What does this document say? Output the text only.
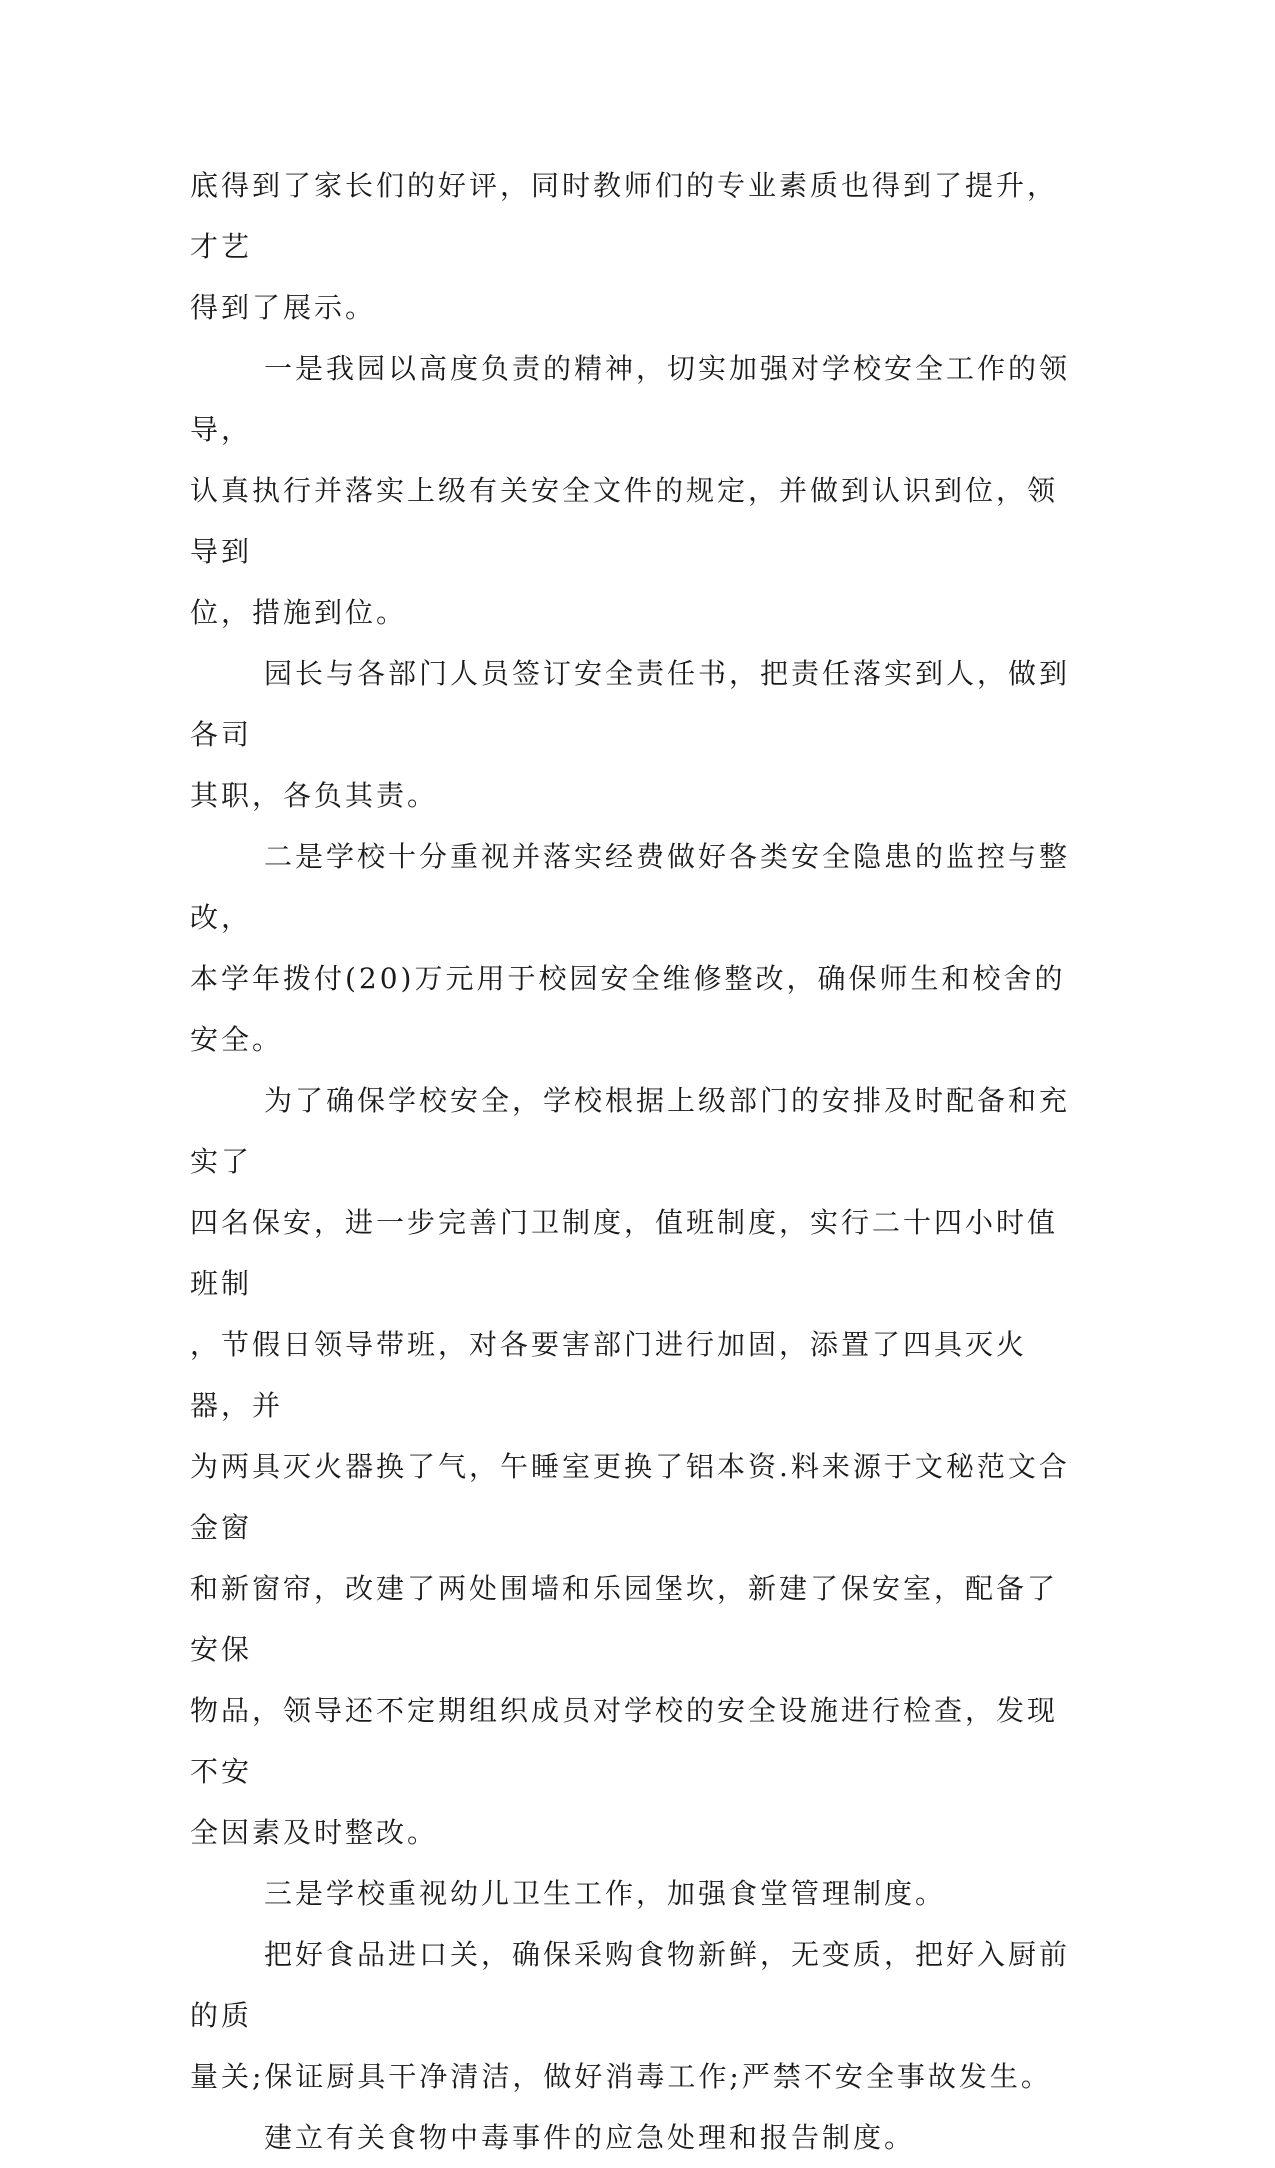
底得到了家长们的好评，同时教师们的专业素质也得到了提升，才艺
得到了展示。

一是我园以高度负责的精神，切实加强对学校安全工作的领导，
认真执行并落实上级有关安全文件的规定，并做到认识到位，领导到
位，措施到位。

园长与各部门人员签订安全责任书，把责任落实到人，做到各司
其职，各负其责。

二是学校十分重视并落实经费做好各类安全隐患的监控与整改，
本学年拨付(20)万元用于校园安全维修整改，确保师生和校舍的安全。

为了确保学校安全，学校根据上级部门的安排及时配备和充实了
四名保安，进一步完善门卫制度，值班制度，实行二十四小时值班制
，节假日领导带班，对各要害部门进行加固，添置了四具灭火器，并
为两具灭火器换了气，午睡室更换了铝本资.料来源于文秘范文合金窗
和新窗帘，改建了两处围墙和乐园堡坎，新建了保安室，配备了安保
物品，领导还不定期组织成员对学校的安全设施进行检查，发现不安
全因素及时整改。

三是学校重视幼儿卫生工作，加强食堂管理制度。

把好食品进口关，确保采购食物新鲜，无变质，把好入厨前的质
量关;保证厨具干净清洁，做好消毒工作;严禁不安全事故发生。

建立有关食物中毒事件的应急处理和报告制度。
